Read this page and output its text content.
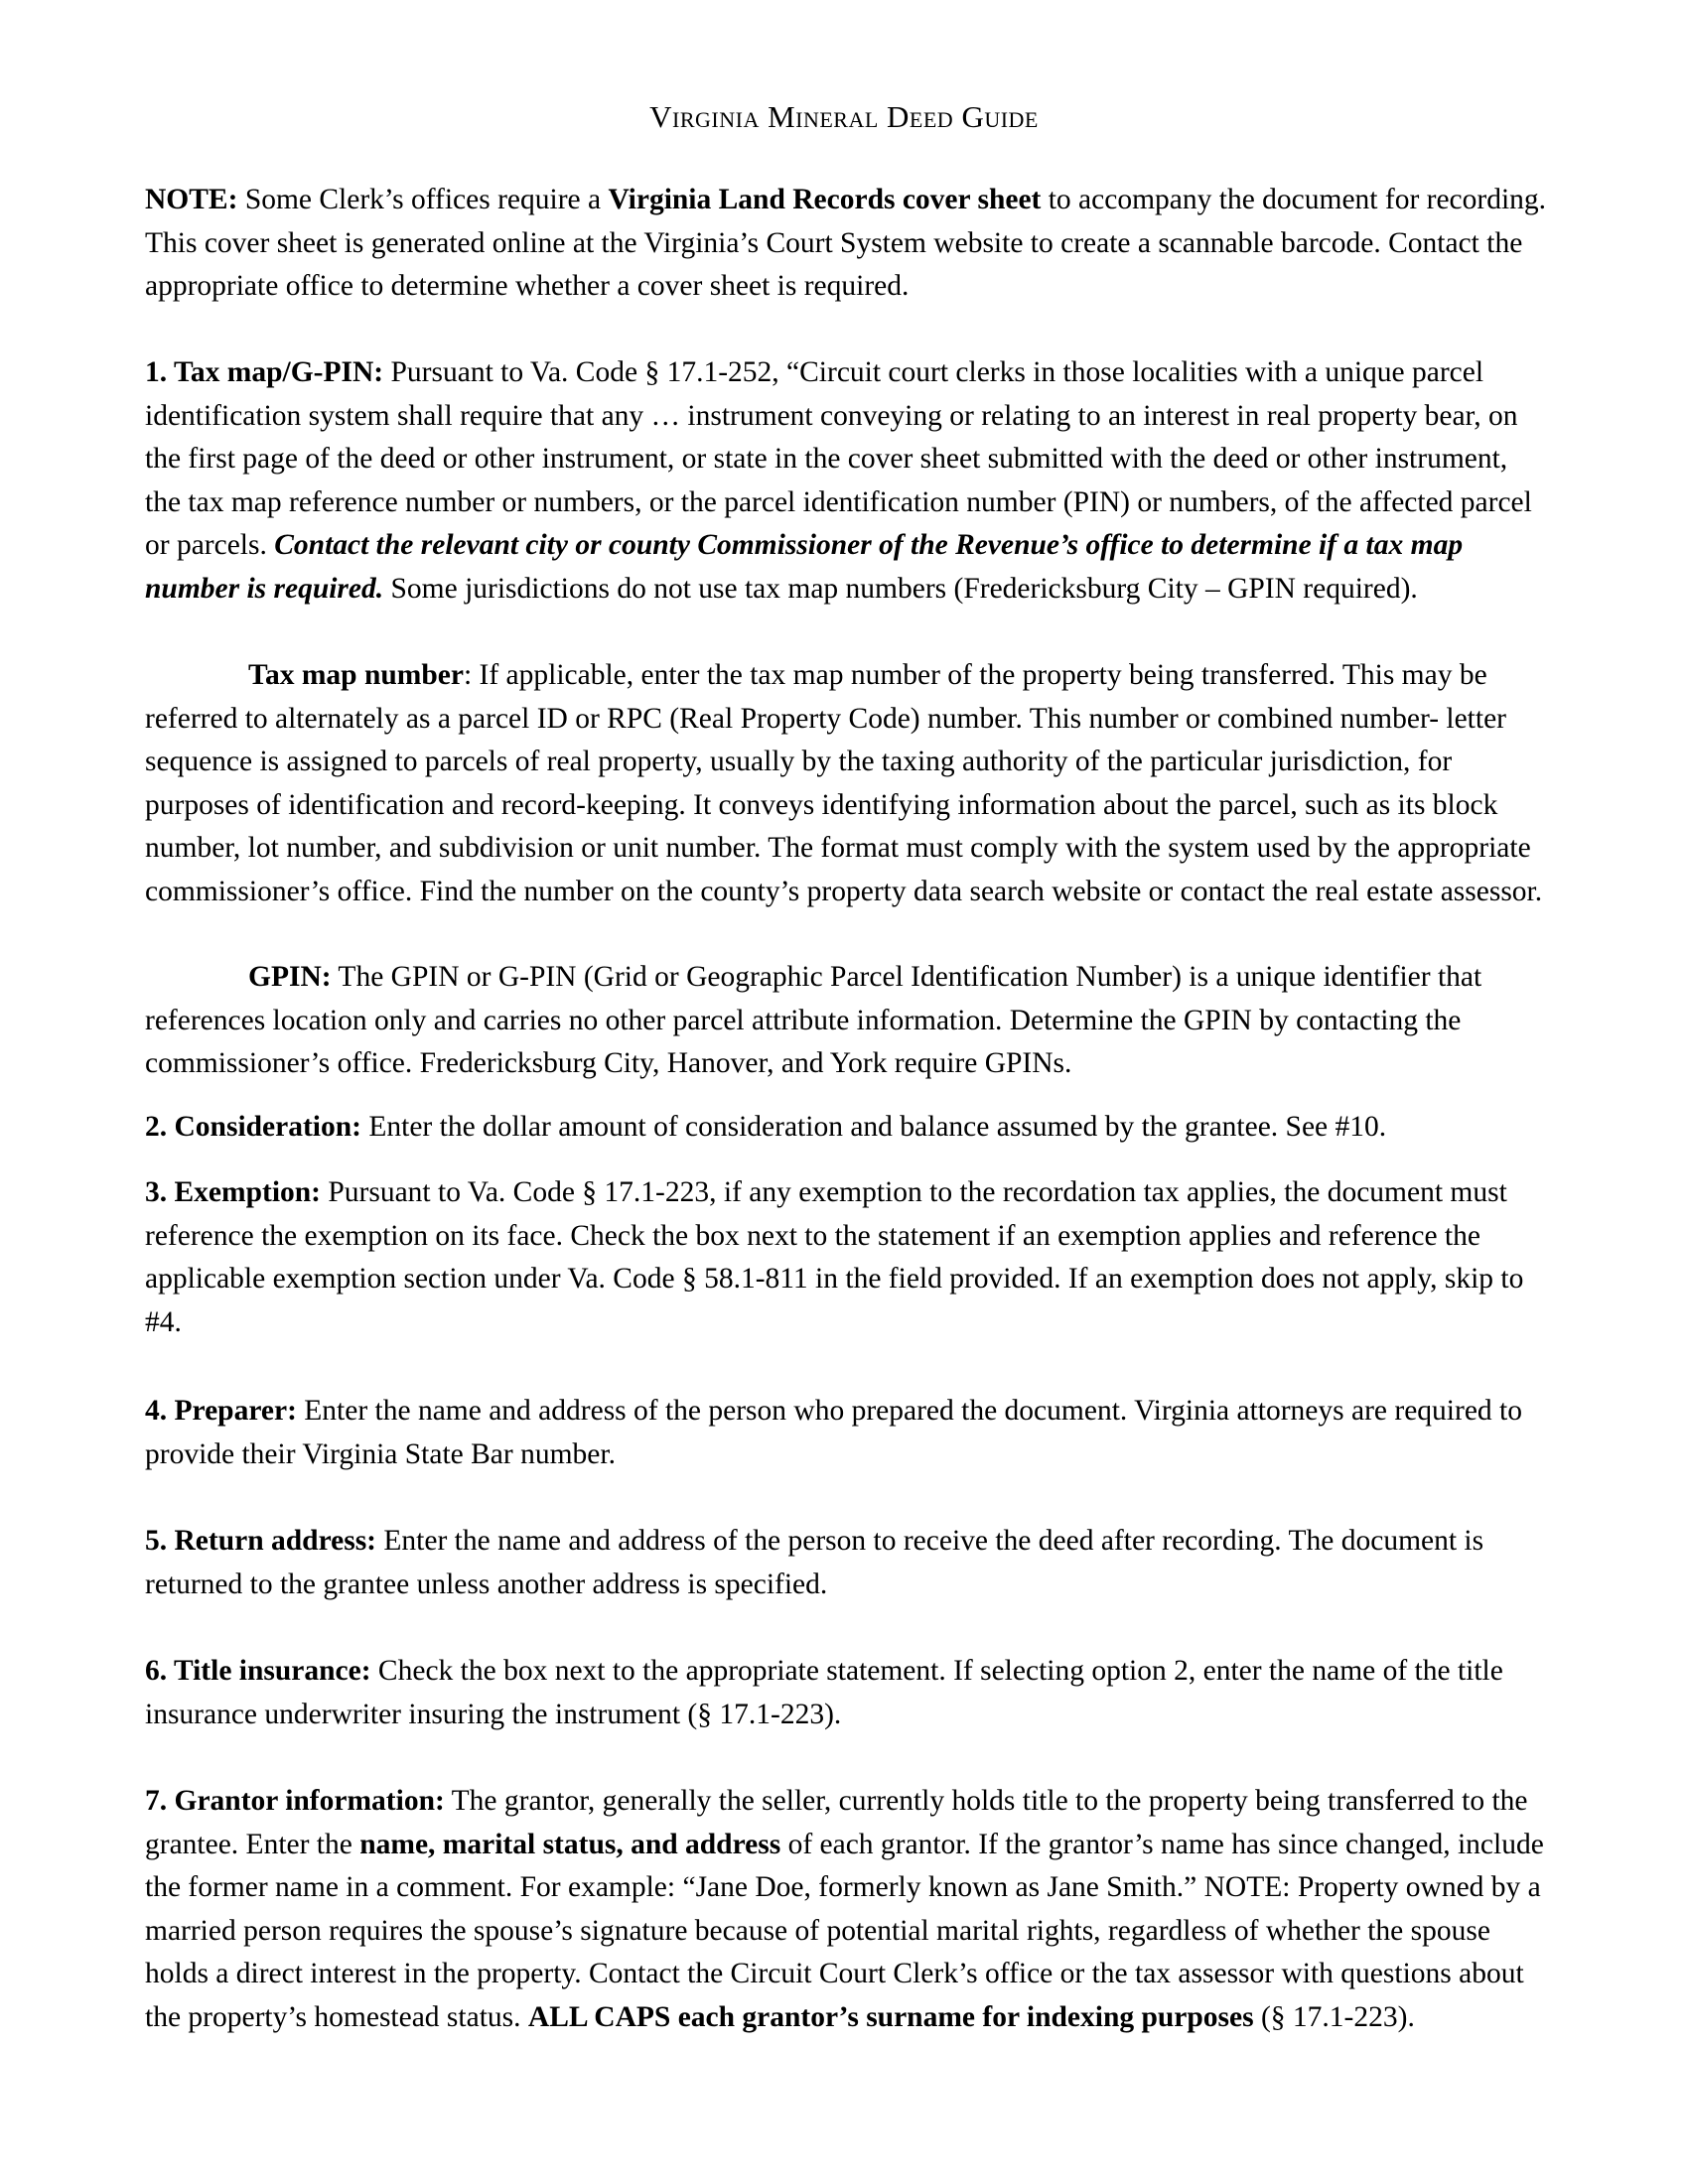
Virginia Mineral Deed Guide

NOTE: Some Clerk’s offices require a Virginia Land Records cover sheet to accompany the document for recording. This cover sheet is generated online at the Virginia’s Court System website to create a scannable barcode. Contact the appropriate office to determine whether a cover sheet is required.

1. Tax map/G-PIN: Pursuant to Va. Code § 17.1-252, “Circuit court clerks in those localities with a unique parcel identification system shall require that any … instrument conveying or relating to an interest in real property bear, on the first page of the deed or other instrument, or state in the cover sheet submitted with the deed or other instrument, the tax map reference number or numbers, or the parcel identification number (PIN) or numbers, of the affected parcel or parcels. Contact the relevant city or county Commissioner of the Revenue’s office to determine if a tax map number is required. Some jurisdictions do not use tax map numbers (Fredericksburg City – GPIN required).

Tax map number: If applicable, enter the tax map number of the property being transferred. This may be referred to alternately as a parcel ID or RPC (Real Property Code) number. This number or combined number- letter sequence is assigned to parcels of real property, usually by the taxing authority of the particular jurisdiction, for purposes of identification and record-keeping. It conveys identifying information about the parcel, such as its block number, lot number, and subdivision or unit number. The format must comply with the system used by the appropriate commissioner’s office. Find the number on the county’s property data search website or contact the real estate assessor.

GPIN: The GPIN or G-PIN (Grid or Geographic Parcel Identification Number) is a unique identifier that references location only and carries no other parcel attribute information. Determine the GPIN by contacting the commissioner’s office. Fredericksburg City, Hanover, and York require GPINs.

2. Consideration: Enter the dollar amount of consideration and balance assumed by the grantee. See #10.

3. Exemption: Pursuant to Va. Code § 17.1-223, if any exemption to the recordation tax applies, the document must reference the exemption on its face. Check the box next to the statement if an exemption applies and reference the applicable exemption section under Va. Code § 58.1-811 in the field provided. If an exemption does not apply, skip to #4.

4. Preparer: Enter the name and address of the person who prepared the document. Virginia attorneys are required to provide their Virginia State Bar number.

5. Return address: Enter the name and address of the person to receive the deed after recording. The document is returned to the grantee unless another address is specified.

6. Title insurance: Check the box next to the appropriate statement. If selecting option 2, enter the name of the title insurance underwriter insuring the instrument (§ 17.1-223).

7. Grantor information: The grantor, generally the seller, currently holds title to the property being transferred to the grantee. Enter the name, marital status, and address of each grantor. If the grantor’s name has since changed, include the former name in a comment. For example: “Jane Doe, formerly known as Jane Smith.” NOTE: Property owned by a married person requires the spouse’s signature because of potential marital rights, regardless of whether the spouse holds a direct interest in the property. Contact the Circuit Court Clerk’s office or the tax assessor with questions about the property’s homestead status. ALL CAPS each grantor’s surname for indexing purposes (§ 17.1-223).
